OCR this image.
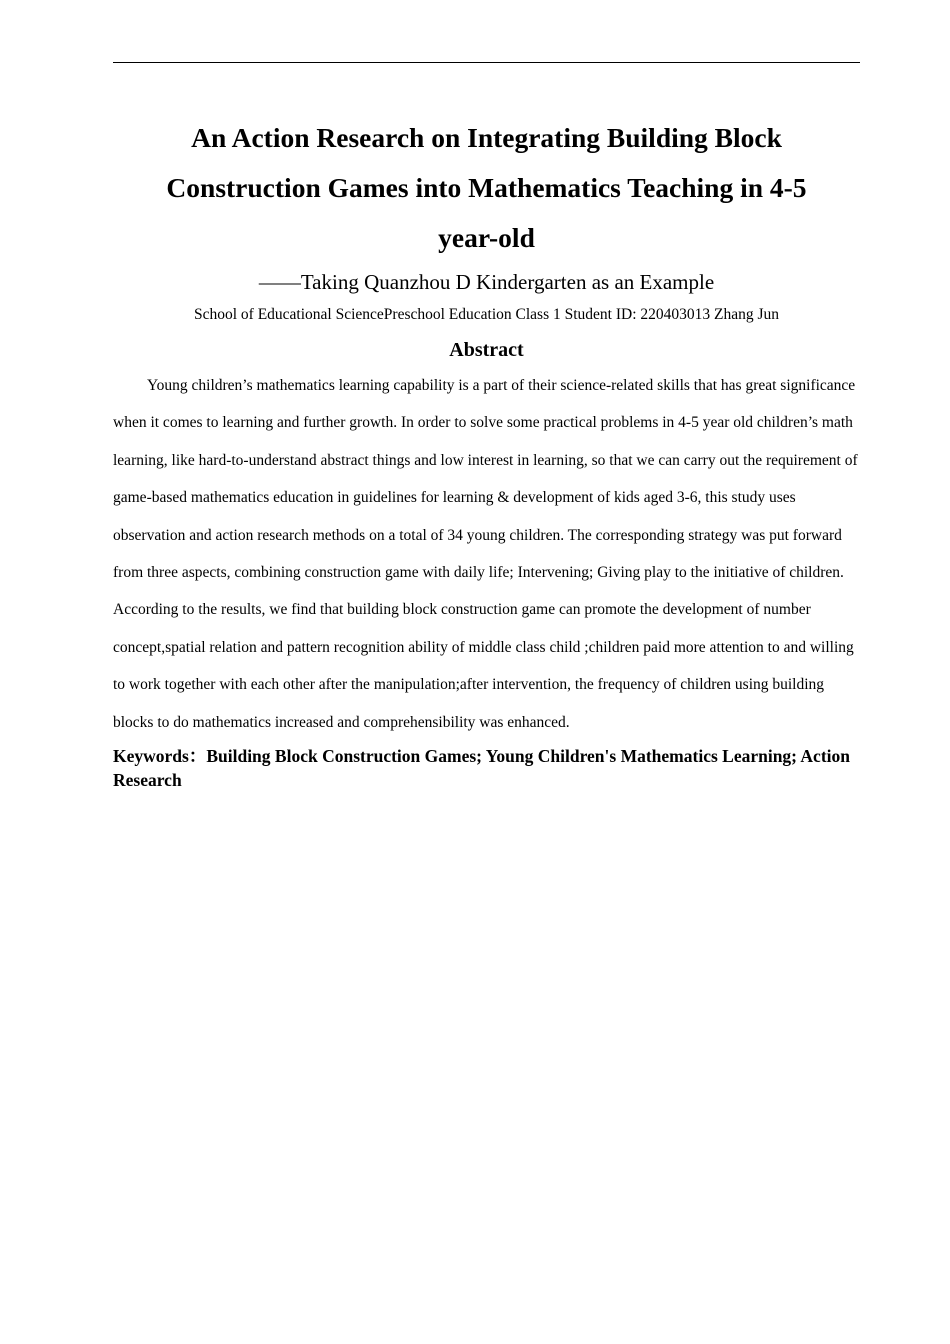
An Action Research on Integrating Building Block Construction Games into Mathematics Teaching in 4-5 year-old

——Taking Quanzhou D Kindergarten as an Example

School of Educational SciencePreschool Education Class 1 Student ID: 220403013 Zhang Jun

Abstract

Young children’s mathematics learning capability is a part of their science-related skills that has great significance when it comes to learning and further growth. In order to solve some practical problems in 4-5 year old children’s math learning, like hard-to-understand abstract things and low interest in learning, so that we can carry out the requirement of game-based mathematics education in guidelines for learning & development of kids aged 3-6, this study uses observation and action research methods on a total of 34 young children. The corresponding strategy was put forward from three aspects, combining construction game with daily life; Intervening; Giving play to the initiative of children. According to the results, we find that building block construction game can promote the development of number concept,spatial relation and pattern recognition ability of middle class child ;children paid more attention to and willing to work together with each other after the manipulation;after intervention, the frequency of children using building blocks to do mathematics increased and comprehensibility was enhanced.

Keywords：Building Block Construction Games; Young Children's Mathematics Learning; Action Research
